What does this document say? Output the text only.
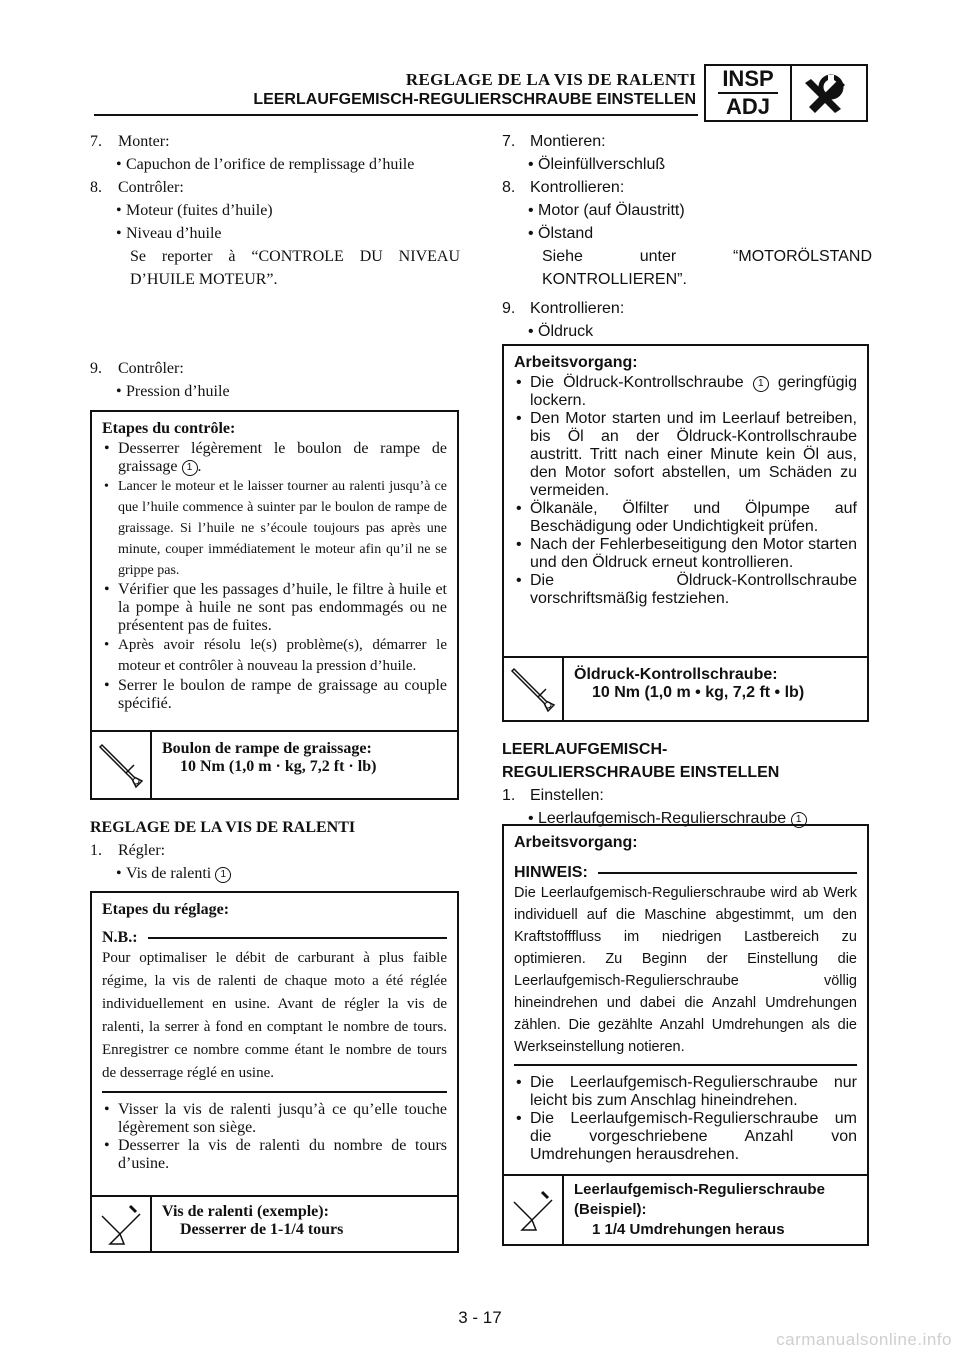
REGLAGE DE LA VIS DE RALENTI
LEERLAUFGEMISCH-REGULIERSCHRAUBE EINSTELLEN
INSP
ADJ
7. Monter:
• Capuchon de l’orifice de remplissage d’huile
8. Contrôler:
• Moteur (fuites d’huile)
• Niveau d’huile
Se reporter à “CONTROLE DU NIVEAU D’HUILE MOTEUR”.
9. Contrôler:
• Pression d’huile
Etapes du contrôle:
• Desserrer légèrement le boulon de rampe de graissage 1 .
• Lancer le moteur et le laisser tourner au ralenti jusqu’à ce que l’huile commence à suinter par le boulon de rampe de graissage. Si l’huile ne s’écoule toujours pas après une minute, couper immédiatement le moteur afin qu’il ne se grippe pas.
• Vérifier que les passages d’huile, le filtre à huile et la pompe à huile ne sont pas endommagés ou ne présentent pas de fuites.
• Après avoir résolu le(s) problème(s), démarrer le moteur et contrôler à nouveau la pression d’huile.
• Serrer le boulon de rampe de graissage au couple spécifié.
Boulon de rampe de graissage:
10 Nm (1,0 m · kg, 7,2 ft · lb)
REGLAGE DE LA VIS DE RALENTI
1. Régler:
• Vis de ralenti 1
Etapes du réglage:
N.B.:
Pour optimaliser le débit de carburant à plus faible régime, la vis de ralenti de chaque moto a été réglée individuellement en usine. Avant de régler la vis de ralenti, la serrer à fond en comptant le nombre de tours. Enregistrer ce nombre comme étant le nombre de tours de desserrage réglé en usine.
• Visser la vis de ralenti jusqu’à ce qu’elle touche légèrement son siège.
• Desserrer la vis de ralenti du nombre de tours d’usine.
Vis de ralenti (exemple):
Desserrer de 1-1/4 tours
7. Montieren:
• Öleinfüllverschluß
8. Kontrollieren:
• Motor (auf Ölaustritt)
• Ölstand
Siehe unter “MOTORÖLSTAND KONTROLLIEREN”.
9. Kontrollieren:
• Öldruck
Arbeitsvorgang:
• Die Öldruck-Kontrollschraube 1 geringfügig lockern.
• Den Motor starten und im Leerlauf betreiben, bis Öl an der Öldruck-Kontrollschraube austritt. Tritt nach einer Minute kein Öl aus, den Motor sofort abstellen, um Schäden zu vermeiden.
• Ölkanäle, Ölfilter und Ölpumpe auf Beschädigung oder Undichtigkeit prüfen.
• Nach der Fehlerbeseitigung den Motor starten und den Öldruck erneut kontrollieren.
• Die Öldruck-Kontrollschraube vorschriftsmäßig festziehen.
Öldruck-Kontrollschraube:
10 Nm (1,0 m • kg, 7,2 ft • lb)
LEERLAUFGEMISCH-
REGULIERSCHRAUBE EINSTELLEN
1. Einstellen:
• Leerlaufgemisch-Regulierschraube 1
Arbeitsvorgang:
HINWEIS:
Die Leerlaufgemisch-Regulierschraube wird ab Werk individuell auf die Maschine abgestimmt, um den Kraftstofffluss im niedrigen Lastbereich zu optimieren. Zu Beginn der Einstellung die Leerlaufgemisch-Regulierschraube völlig hineindrehen und dabei die Anzahl Umdrehungen zählen. Die gezählte Anzahl Umdrehungen als die Werkseinstellung notieren.
• Die Leerlaufgemisch-Regulierschraube nur leicht bis zum Anschlag hineindrehen.
• Die Leerlaufgemisch-Regulierschraube um die vorgeschriebene Anzahl von Umdrehungen herausdrehen.
Leerlaufgemisch-Regulierschraube (Beispiel):
1 1/4 Umdrehungen heraus
3 - 17
carmanualsonline.info
